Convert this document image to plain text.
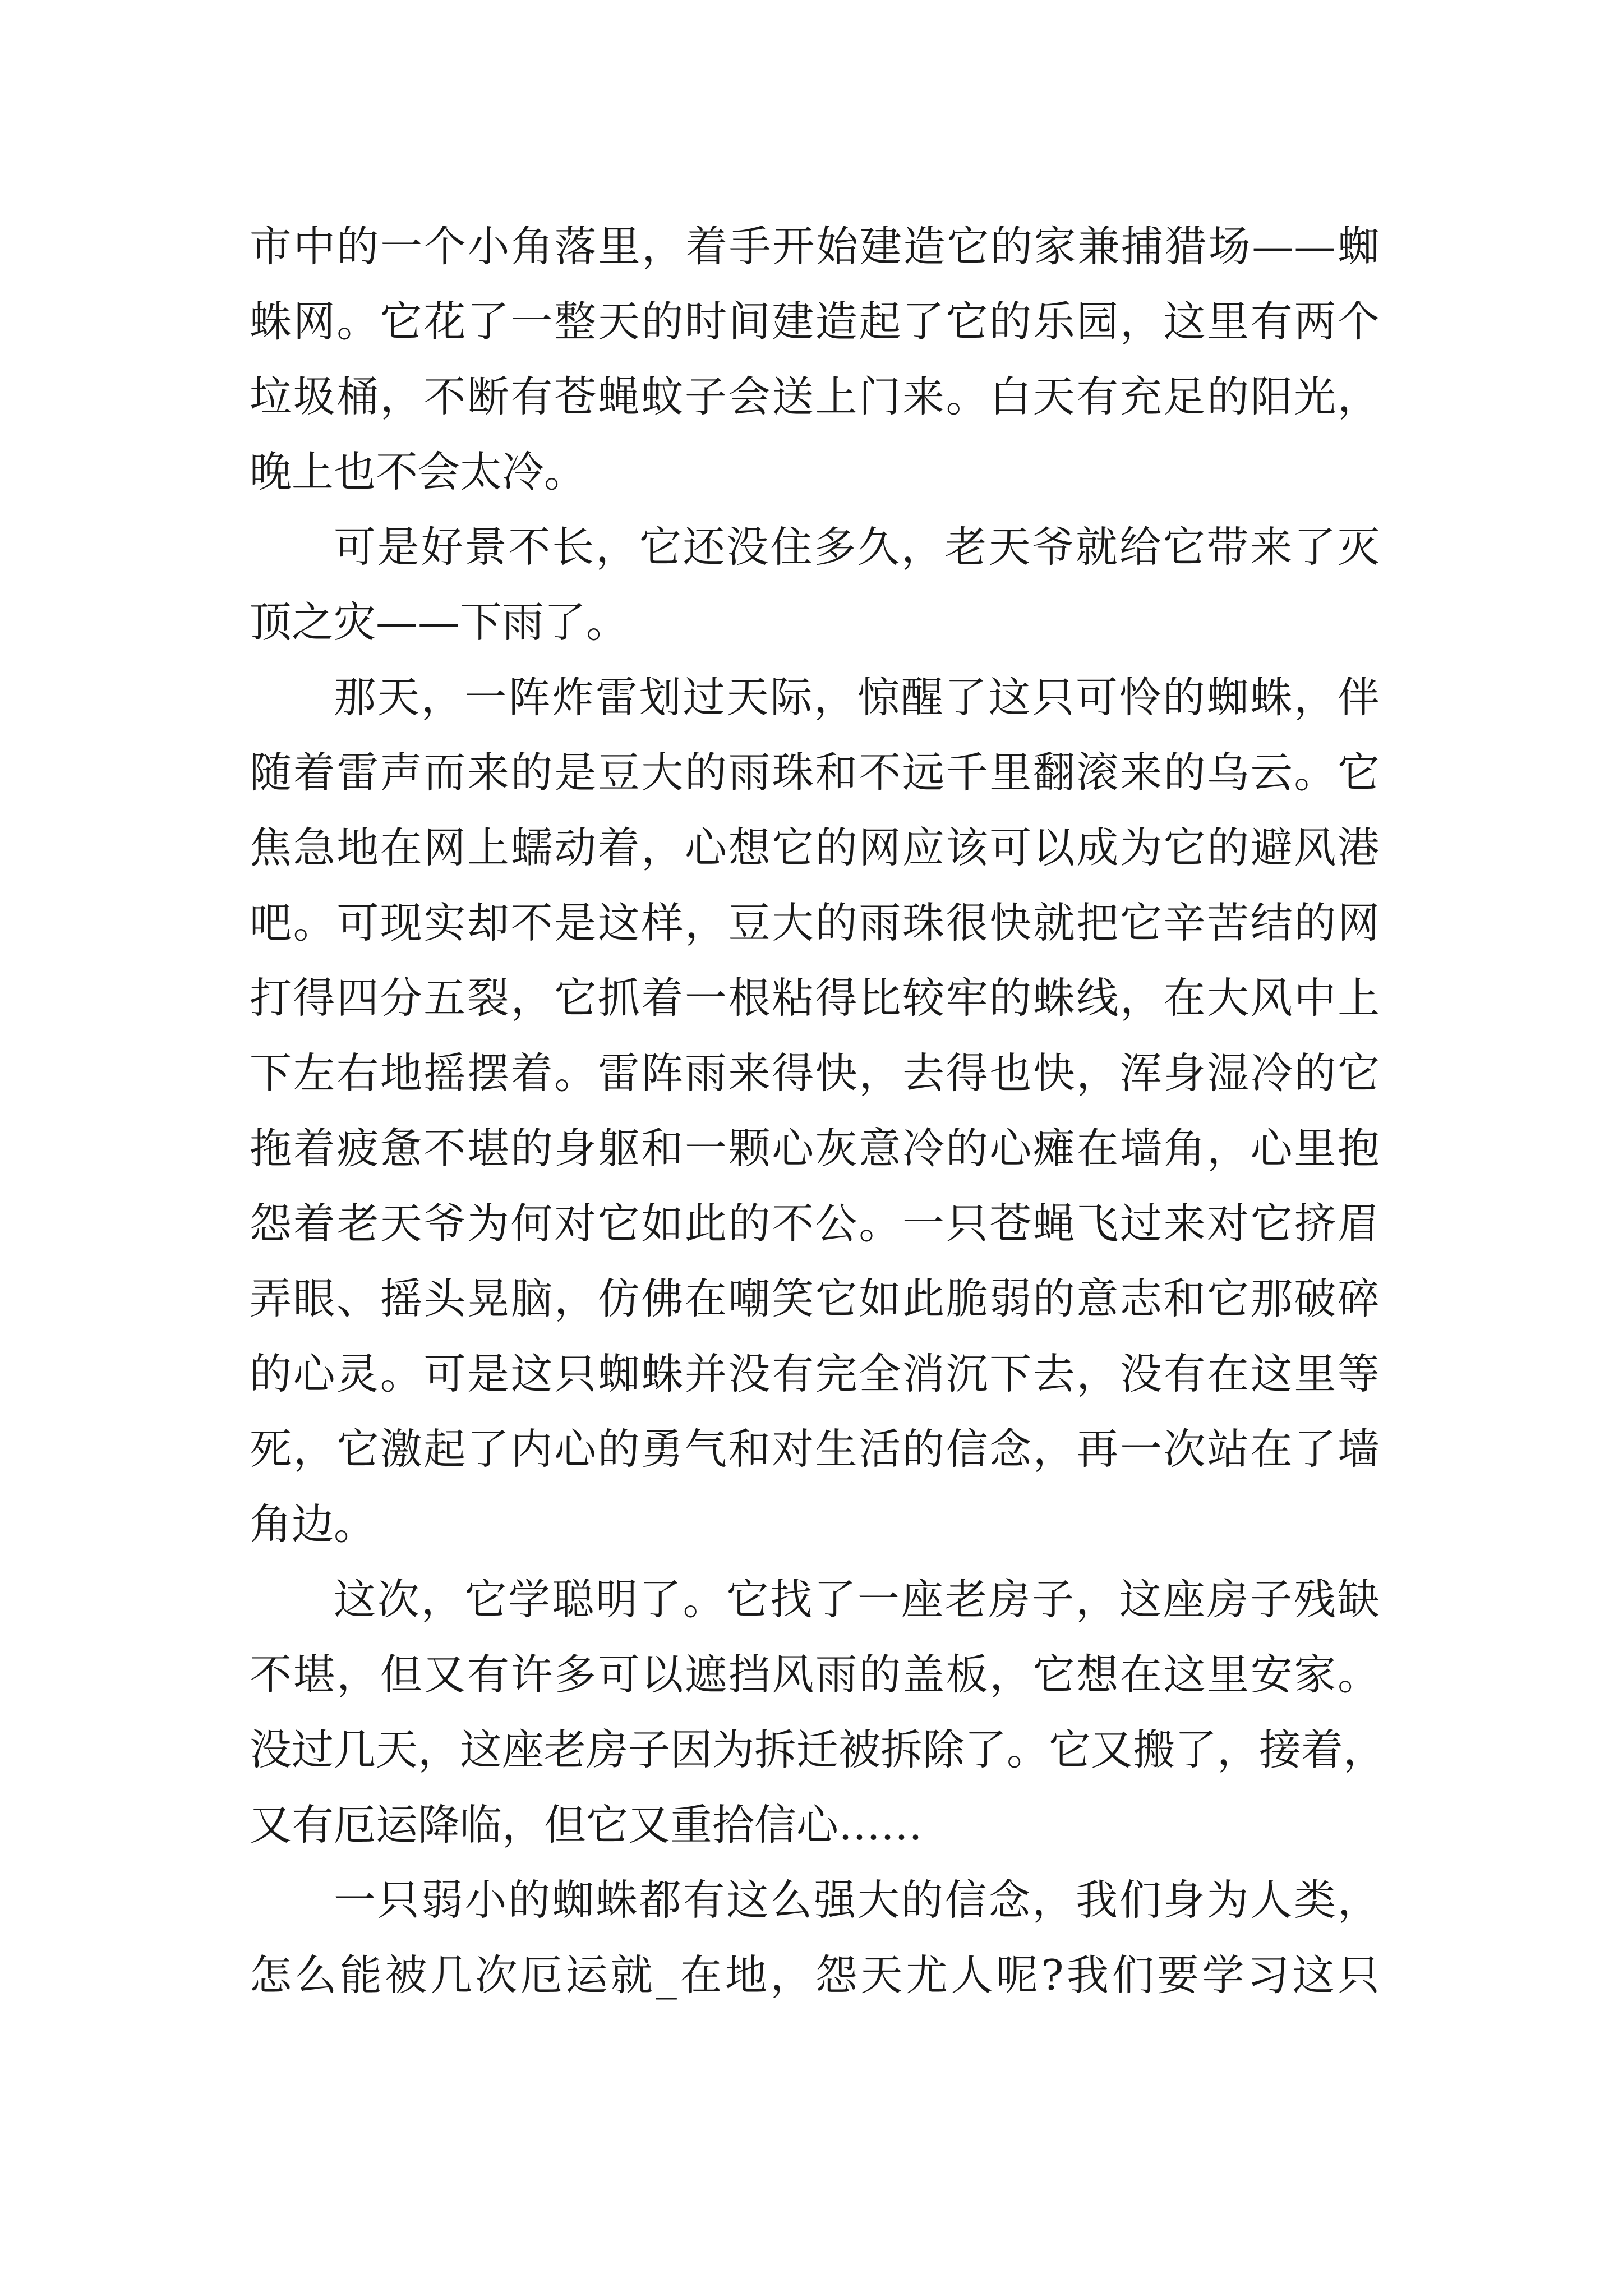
市中的一个小角落里，着手开始建造它的家兼捕猎场——蜘
蛛网。它花了一整天的时间建造起了它的乐园，这里有两个
垃圾桶，不断有苍蝇蚊子会送上门来。白天有充足的阳光，
晚上也不会太冷。
可是好景不长，它还没住多久，老天爷就给它带来了灭
顶之灾——下雨了。
那天，一阵炸雷划过天际，惊醒了这只可怜的蜘蛛，伴
随着雷声而来的是豆大的雨珠和不远千里翻滚来的乌云。它
焦急地在网上蠕动着，心想它的网应该可以成为它的避风港
吧。可现实却不是这样，豆大的雨珠很快就把它辛苦结的网
打得四分五裂，它抓着一根粘得比较牢的蛛线，在大风中上
下左右地摇摆着。雷阵雨来得快，去得也快，浑身湿冷的它
拖着疲惫不堪的身躯和一颗心灰意冷的心瘫在墙角，心里抱
怨着老天爷为何对它如此的不公。一只苍蝇飞过来对它挤眉
弄眼、摇头晃脑，仿佛在嘲笑它如此脆弱的意志和它那破碎
的心灵。可是这只蜘蛛并没有完全消沉下去，没有在这里等
死，它激起了内心的勇气和对生活的信念，再一次站在了墙
角边。
这次，它学聪明了。它找了一座老房子，这座房子残缺
不堪，但又有许多可以遮挡风雨的盖板，它想在这里安家。
没过几天，这座老房子因为拆迁被拆除了。它又搬了，接着，
又有厄运降临，但它又重拾信心……
一只弱小的蜘蛛都有这么强大的信念，我们身为人类，
怎么能被几次厄运就_在地，怨天尤人呢?我们要学习这只
